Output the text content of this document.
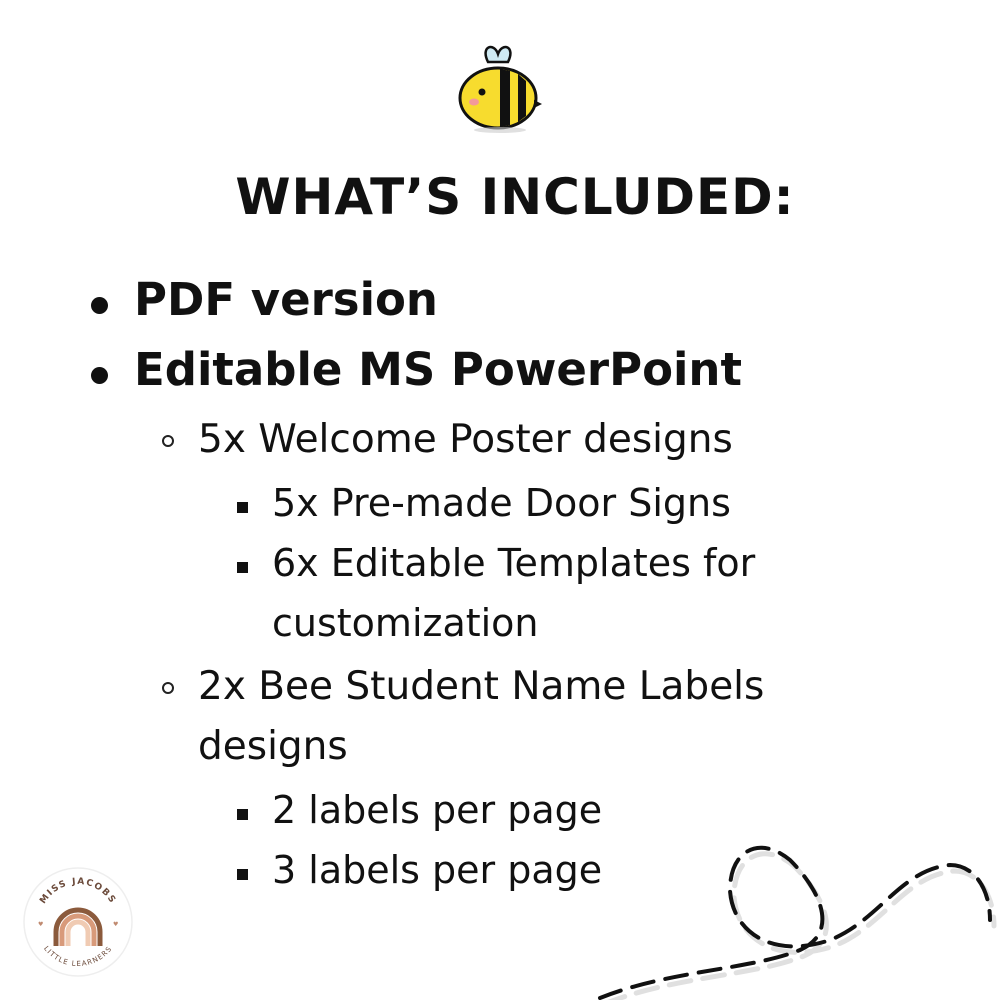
WHAT’S INCLUDED:
PDF version
Editable MS PowerPoint
5x Welcome Poster designs
5x Pre-made Door Signs
6x Editable Templates for
customization
2x Bee Student Name Labels
designs
2 labels per page
3 labels per page
MISS JACOBS
LITTLE LEARNERS
♥	♥
